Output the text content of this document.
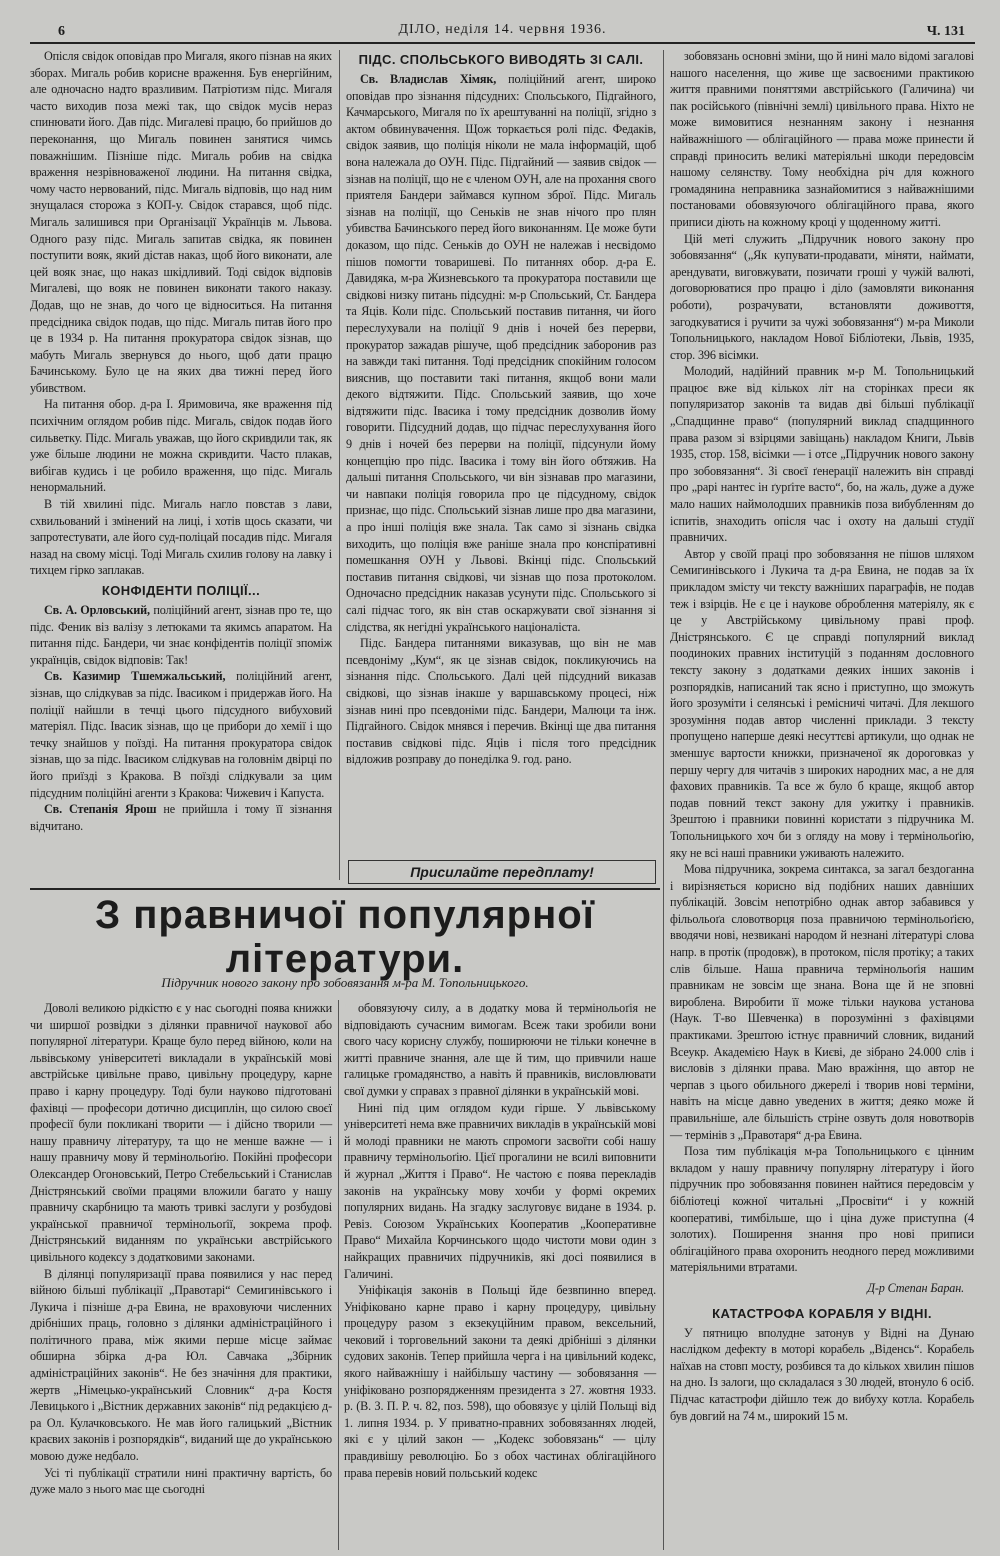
6	ДІЛО, неділя 14. червня 1936.	Ч. 131

Опісля свідок оповідав про Мигаля, якого пізнав на яких зборах. Мигаль робив корисне враження. Був енергійним, але одночасно надто вразливим. Патріотизм підс. Мигаля часто виходив поза межі так, що свідок мусів нераз спинювати його. Дав підс. Мигалеві працю, бо прийшов до переконання, що Мигаль повинен занятися чимсь поважнішим. Пізніше підс. Мигаль робив на свідка враження незрівноваженої людини. На питання свідка, чому часто нервований, підс. Мигаль відповів, що над ним знущалася сторожа з КОП-у. Свідок старався, щоб підс. Мигаль залишився при Організації Українців м. Львова. Одного разу підс. Мигаль запитав свідка, як повинен поступити вояк, який дістав наказ, щоб його виконати, але цей вояк знає, що наказ шкідливий. Тоді свідок відповів Мигалеві, що вояк не повинен виконати такого наказу. Додав, що не знав, до чого це відноситься. На питання предсідника свідок подав, що підс. Мигаль питав його про це в 1934 р. На питання прокуратора свідок зізнав, що мабуть Мигаль звернувся до нього, щоб дати працю Бачинському. Було це на яких два тижні перед його убивством.

На питання обор. д-ра І. Яримовича, яке враження під психічним оглядом робив підс. Мигаль, свідок подав його сильветку. Підс. Мигаль уважав, що його скривдили так, як уже більше людини не можна скривдити. Часто плакав, вибігав кудись і це робило враження, що підс. Мигаль ненормальний.

В тій хвилині підс. Мигаль нагло повстав з лави, схвильований і змінений на лиці, і хотів щось сказати, чи запротестувати, але його суд-поліцай посадив підс. Мигаля назад на свому місці. Тоді Мигаль схилив голову на лавку і тихцем гірко заплакав.

КОНФІДЕНТИ ПОЛІЦІЇ...

Св. А. Орловський, поліційний агент, зізнав про те, що підс. Феник віз валізу з летюками та якимсь апаратом. На питання підс. Бандери, чи знає конфідентів поліції зпоміж українців, свідок відповів: Так!

Св. Казимир Тшемжальський, поліційний агент, зізнав, що слідкував за підс. Івасиком і придержав його. На поліції найшли в течці цього підсудного вибуховий матеріял. Підс. Івасик зізнав, що це прибори до хемії і що течку знайшов у поїзді. На питання прокуратора свідок зізнав, що за підс. Івасиком слідкував на головнім двірці по його приїзді з Кракова. В поїзді слідкували за цим підсудним поліційні агенти з Кракова: Чижевич і Капуста.

Св. Степанія Ярош не прийшла і тому її зізнання відчитано.

ПІДС. СПОЛЬСЬКОГО ВИВОДЯТЬ ЗІ САЛІ.

Св. Владислав Хімяк, поліційний агент, широко оповідав про зізнання підсудних: Спольського, Підгайного, Качмарського, Мигаля по їх арештуванні на поліції, згідно з актом обвинувачення. Щож торкається ролі підс. Федаків, свідок заявив, що поліція ніколи не мала інформацій, щоб вона належала до ОУН. Підс. Підгайний — заявив свідок — зізнав на поліції, що не є членом ОУН, але на прохання свого приятеля Бандери займався купном зброї. Підс. Мигаль зізнав на поліції, що Сеньків не знав нічого про плян убивства Бачинського перед його виконанням. Це може бути доказом, що підс. Сеньків до ОУН не належав і несвідомо пішов помогти товаришеві. По питаннях обор. д-ра Е. Давидяка, м-ра Жизневського та прокуратора поставили ще свідкові низку питань підсудні: м-р Спольський, Ст. Бандера та Яців. Коли підс. Спольський поставив питання, чи його переслухували на поліції 9 днів і ночей без перерви, прокуратор зажадав рішуче, щоб предсідник заборонив раз на завжди такі питання. Тоді предсідник спокійним голосом вияснив, що поставити такі питання, якщоб вони мали декого відтяжити. Підс. Спольський заявив, що хоче відтяжити підс. Івасика і тому предсідник дозволив йому говорити. Підсудний додав, що підчас переслухування його 9 днів і ночей без перерви на поліції, підсунули йому концепцію про підс. Івасика і тому він його обтяжив. На дальші питання Спольського, чи він зізнавав про магазини, чи навпаки поліція говорила про це підсудному, свідок признає, що підс. Спольський зізнав лише про два магазини, а про інші поліція вже знала. Так само зі зізнань свідка виходить, що поліція вже раніше знала про конспіративні помешкання ОУН у Львові. Вкінці підс. Спольський поставив питання свідкові, чи зізнав що поза протоколом. Одночасно предсідник наказав усунути підс. Спольського зі салі підчас того, як він став оскаржувати свої зізнання зі слідства, як негідні українського націоналіста.

Підс. Бандера питаннями виказував, що він не мав псевдоніму „Кум“, як це зізнав свідок, покликуючись на зізнання підс. Спольського. Далі цей підсудний виказав свідкові, що зізнав інакше у варшавському процесі, ніж зізнав нині про псевдоніми підс. Бандери, Малюци та інж. Підгайного. Свідок мнявся і перечив. Вкінці ще два питання поставив свідкові підс. Яців і після того предсідник відложив розправу до понеділка 9. год. рано.

Присилайте передплату!
З правничої популярної
літератури.
Підручник нового закону про зобовязання м-ра М. Топольницького.

Доволі великою рідкістю є у нас сьогодні поява книжки чи ширшої розвідки з ділянки правничої наукової або популярної літератури. Краще було перед війною, коли на львівському університеті викладали в українській мові австрійське цивільне право, цивільну процедуру, карне право і карну процедуру. Тоді були науково підготовані фахівці — професори дотично дисциплін, що силою своєї професії були покликані творити — і дійсно творили — нашу правничу літературу, та що не менше важне — і нашу правничу мову й термінольоґію. Покійні професори Олександер Огоновський, Петро Стебельський і Станислав Дністрянський своїми працями вложили багато у нашу правничу скарбницю та мають тривкі заслуги у розбудові української правничої термінольоґії, зокрема проф. Дністрянський виданням по українськи австрійського цивільного кодексу з додатковими законами.

В ділянці популяризації права появилися у нас перед війною більші публікації „Правотарі“ Семигинівського і Лукича і пізніше д-ра Евина, не враховуючи численних дрібніших праць, головно з ділянки адміністраційного і політичного права, між якими перше місце займає обширна збірка д-ра Юл. Савчака „Збірник адміністраційних законів“. Не без значіння для практики, жертв „Німецько-український Словник“ д-ра Костя Левицького і „Вістник державних законів“ під редакцією д-ра Ол. Кулачковського. Не мав його галицький „Вістник краєвих законів і розпорядків“, виданий ще до українською мовою дуже недбало.

Усі ті публікації стратили нині практичну вартість, бо дуже мало з нього має ще сьогодні

обовязуючу силу, а в додатку мова й термінольоґія не відповідають сучасним вимогам. Всеж таки зробили вони свого часу корисну службу, поширюючи не тільки конечне в житті правниче знання, але ще й тим, що привчили наше галицьке громадянство, а навіть й правників, висловлювати свої думки у справах з правної ділянки в українській мові.

Нині під цим оглядом куди гірше. У львівському університеті нема вже правничих викладів в українській мові й молоді правники не мають спромоги засвоїти собі нашу правничу термінольоґію. Цієї прогалини не всилі виповнити й журнал „Життя і Право“. Не частою є поява перекладів законів на українську мову хочби у формі окремих популярних видань. На згадку заслуговує видане в 1934. р. Ревіз. Союзом Українських Кооператив „Кооперативне Право“ Михайла Корчинського щодо чистоти мови один з найкращих правничих підручників, які досі появилися в Галичині.

Уніфікація законів в Польщі йде безвпинно вперед. Уніфіковано карне право і карну процедуру, цивільну процедуру разом з екзекуційним правом, вексельний, чековий і торговельний закони та деякі дрібніші з ділянки судових законів. Тепер прийшла черга і на цивільний кодекс, якого найважнішу і найбільшу частину — зобовязання — уніфіковано розпорядженням президента з 27. жовтня 1933. р. (В. З. П. Р. ч. 82, поз. 598), що обовязує у цілій Польщі від 1. липня 1934. р. У приватно-правних зобовязаннях людей, які є у цілий закон — „Кодекс зобовязань“ — цілу правдивішу революцію. Бо з обох частинах облігаційного права перевів новий польський кодекс

зобовязань основні зміни, що й нині мало відомі загалові нашого населення, що живе ще засвоєними практикою життя правними поняттями австрійського (Галичина) чи пак російського (північні землі) цивільного права. Ніхто не може вимовитися незнанням закону і незнання найважнішого — облігаційного — права може принести й справді приносить великі матеріяльні шкоди передовсім нашому селянству. Тому необхідна річ для кожного громадянина неправника зазнайомитися з найважнішими постановами обовязуючого облігаційного права, якого приписи діють на кожному кроці у щоденному житті.

Цій меті служить „Підручник нового закону про зобовязання“ („Як купувати-продавати, міняти, наймати, арендувати, виговжувати, позичати гроші у чужій валюті, договорюватися про працю і діло (замовляти виконання роботи), розрачувати, встановляти доживоття, загодкуватися і ручити за чужі зобовязання“) м-ра Миколи Топольницького, накладом Нової Бібліотеки, Львів, 1935, стор. 396 вісімки.

Молодий, надійний правник м-р М. Топольницький працює вже від кількох літ на сторінках преси як популяризатор законів та видав дві більші публікації „Спадщинне право“ (популярний виклад спадщинного права разом зі взірцями завіщань) накладом Книги, Львів 1935, стор. 158, вісімки — і отсе „Підручник нового закону про зобовязання“. Зі своєї ґенерації належить він справді про „рарі нантес ін ґурґіте васто“, бо, на жаль, дуже а дуже мало наших наймолодших правників поза вибубленням до іспитів, знаходить опісля час і охоту на дальші студії правничих.

Автор у своїй праці про зобовязання не пішов шляхом Семигинівського і Лукича та д-ра Евина, не подав за їх прикладом змісту чи тексту важніших параграфів, не подав теж і взірців. Не є це і наукове оброблення матеріялу, як є це у Австрійському цивільному праві проф. Дністрянського. Є це справді популярний виклад поодиноких правних інституцій з поданням дословного тексту закону з додатками деяких інших законів і розпорядків, написаний так ясно і приступно, що зможуть його зрозуміти і селянські і ремісничі читачі. Для лекшого зрозуміння подав автор численні приклади. З тексту пропущено наперше деякі несуттєві артикули, що однак не зменшує вартости книжки, призначеної як дороговказ у першу чергу для читачів з широких народних мас, а не для фахових правників. Та все ж було б краще, якщоб автор подав повний текст закону для ужитку і правників. Зрештою і правники повинні користати з підручника М. Топольницького хоч би з огляду на мову і термінольоґію, яку не всі наші правники уживають належито.

Мова підручника, зокрема синтакса, за загал бездоганна і вирізняється корисно від подібних наших давніших публікацій. Зовсім непотрібно однак автор забавився у фільольоґа словотворця поза правничою термінольоґією, вводячи нові, незвикані народом й незнані літературі слова напр. в протік (продовж), в протоком, після протіку; а таких слів більше. Наша правнича термінольоґія нашим правникам не зовсім ще знана. Вона ще й не зповні вироблена. Виробити її може тільки наукова установа (Наук. Т-во Шевченка) в порозумінні з фахівцями практиками. Зрештою істнує правничий словник, виданий Всеукр. Академією Наук в Києві, де зібрано 24.000 слів і висловів з ділянки права. Маю вражіння, що автор не черпав з цього обильного джерелі і творив нові терміни, навіть на місце давно уведених в життя; деяко може й правильніше, але більшість стріне озвуть доля новотворів — термінів з „Правотаря“ д-ра Евина.

Поза тим публікація м-ра Топольницького є цінним вкладом у нашу правничу популярну літературу і його підручник про зобовязання повинен найтися передовсім у бібліотеці кожної читальні „Просвіти“ і у кожній кооперативі, тимбільше, що і ціна дуже приступна (4 золотих). Поширення знання про нові приписи облігаційного права охоронить неодного перед можливими матеріяльними втратами.

Д-р Степан Баран.

КАТАСТРОФА КОРАБЛЯ У ВІДНІ.

У пятницю вполудне затонув у Відні на Дунаю наслідком дефекту в моторі корабель „Віденсь“. Корабель наїхав на стовп мосту, розбився та до кількох хвилин пішов на дно. Із залоги, що складалася з 30 людей, втонуло 6 осіб. Підчас катастрофи дійшло теж до вибуху котла. Корабель був довгий на 74 м., широкий 15 м.
